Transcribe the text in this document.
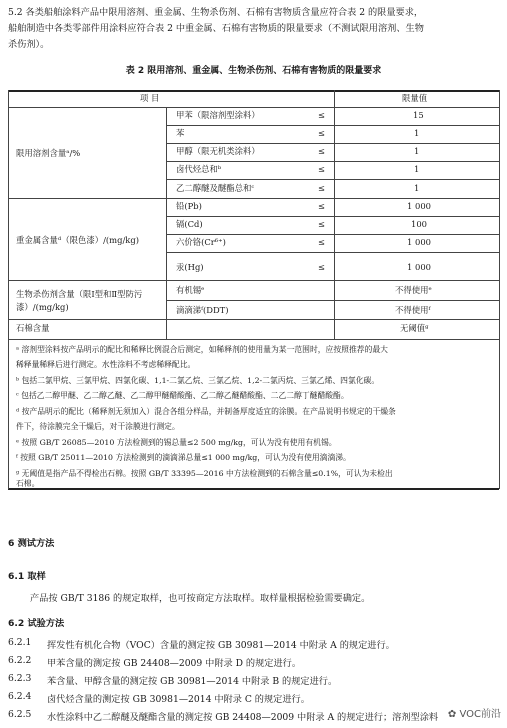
5.2 各类船舶涂料产品中限用溶剂、重金属、生物杀伤剂、石棉有害物质含量应符合表 2 的限量要求，
船舶制造中各类零部件用涂料应符合表 2 中重金属、石棉有害物质的限量要求（不测试限用溶剂、生物
杀伤剂）。
表 2 限用溶剂、重金属、生物杀伤剂、石棉有害物质的限量要求
项 目	限量值
限用溶剂含量ᵃ/%
甲苯（限溶剂型涂料）	≤	15
苯	≤	1
甲醇（限无机类涂料）	≤	1
卤代烃总和ᵇ	≤	1
乙二醇醚及醚酯总和ᶜ	≤	1
重金属含量ᵈ（限色漆）/(mg/kg)
铅(Pb)	≤	1 000
镉(Cd)	≤	100
六价铬(Cr⁶⁺)	≤	1 000
汞(Hg)	≤	1 000
生物杀伤剂含量（限Ⅰ型和Ⅱ型防污
漆）/(mg/kg)
有机锡ᵉ	不得使用ᵉ
滴滴涕ᶠ(DDT)	不得使用ᶠ
石棉含量	无阈值ᵍ
ᵃ 溶剂型涂料按产品明示的配比和稀释比例混合后测定，如稀释剂的使用量为某一范围时，应按照推荐的最大
稀释量稀释后进行测定。水性涂料不考虑稀释配比。
ᵇ 包括二氯甲烷、三氯甲烷、四氯化碳、1,1-二氯乙烷、三氯乙烷、1,2-二氯丙烷、三氯乙烯、四氯化碳。
ᶜ 包括乙二醇甲醚、乙二醇乙醚、乙二醇甲醚醋酸酯、乙二醇乙醚醋酸酯、二乙二醇丁醚醋酸酯。
ᵈ 按产品明示的配比（稀释剂无须加入）混合各组分样品，并制备厚度适宜的涂膜。在产品说明书规定的干燥条
件下，待涂膜完全干燥后，对干涂膜进行测定。
ᵉ 按照 GB/T 26085—2010 方法检测到的锡总量≤2 500 mg/kg，可认为没有使用有机锡。
ᶠ 按照 GB/T 25011—2010 方法检测到的滴滴涕总量≤1 000 mg/kg，可认为没有使用滴滴涕。
ᵍ 无阈值是指产品不得检出石棉。按照 GB/T 33395—2016 中方法检测到的石棉含量≤0.1%，可认为未检出
石棉。
6 测试方法
6.1 取样
产品按 GB/T 3186 的规定取样，也可按商定方法取样。取样量根据检验需要确定。
6.2 试验方法
6.2.1 挥发性有机化合物（VOC）含量的测定按 GB 30981—2014 中附录 A 的规定进行。
6.2.2 甲苯含量的测定按 GB 24408—2009 中附录 D 的规定进行。
6.2.3 苯含量、甲醇含量的测定按 GB 30981—2014 中附录 B 的规定进行。
6.2.4 卤代烃含量的测定按 GB 30981—2014 中附录 C 的规定进行。
6.2.5 水性涂料中乙二醇醚及醚酯含量的测定按 GB 24408—2009 中附录 A 的规定进行；溶剂型涂料 ✿ VOC前沿
